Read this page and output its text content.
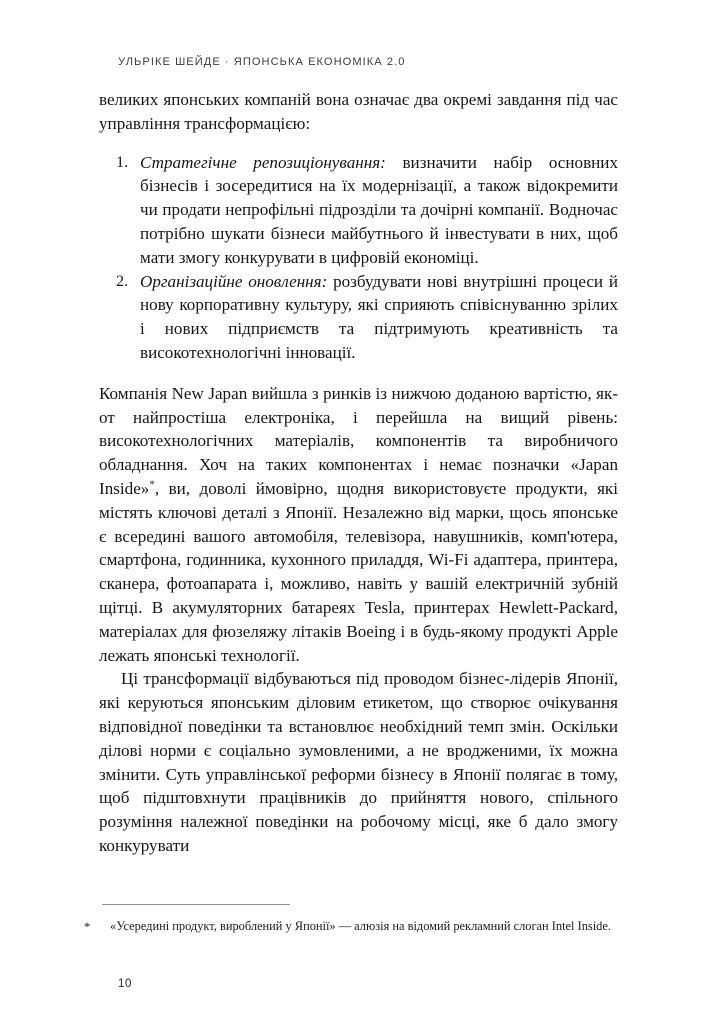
УЛЬРІКЕ ШЕЙДЕ · ЯПОНСЬКА ЕКОНОМІКА 2.0

великих японських компаній вона означає два окремі завдання під час управління трансформацією:

Стратегічне репозиціонування: визначити набір основних бізнесів і зосередитися на їх модернізації, а також відокремити чи продати непрофільні підрозділи та дочірні компанії. Водночас потрібно шукати бізнеси майбутнього й інвестувати в них, щоб мати змогу конкурувати в цифровій економіці.
Організаційне оновлення: розбудувати нові внутрішні процеси й нову корпоративну культуру, які сприяють співіснуванню зрілих і нових підприємств та підтримують креативність та високотехнологічні інновації.

Компанія New Japan вийшла з ринків із нижчою доданою вартістю, як-от найпростіша електроніка, і перейшла на вищий рівень: високотехнологічних матеріалів, компонентів та виробничого обладнання. Хоч на таких компонентах і немає позначки «Japan Inside»*, ви, доволі ймовірно, щодня використовуєте продукти, які містять ключові деталі з Японії. Незалежно від марки, щось японське є всередині вашого автомобіля, телевізора, навушників, комп'ютера, смартфона, годинника, кухонного приладдя, Wi-Fi адаптера, принтера, сканера, фотоапарата і, можливо, навіть у вашій електричній зубній щітці. В акумуляторних батареях Tesla, принтерах Hewlett-Packard, матеріалах для фюзеляжу літаків Boeing і в будь-якому продукті Apple лежать японські технології.

Ці трансформації відбуваються під проводом бізнес-лідерів Японії, які керуються японським діловим етикетом, що створює очікування відповідної поведінки та встановлює необхідний темп змін. Оскільки ділові норми є соціально зумовленими, а не вродженими, їх можна змінити. Суть управлінської реформи бізнесу в Японії полягає в тому, щоб підштовхнути працівників до прийняття нового, спільного розуміння належної поведінки на робочому місці, яке б дало змогу конкурувати

*	«Усередині продукт, вироблений у Японії» — алюзія на відомий рекламний слоган Intel Inside.
10
